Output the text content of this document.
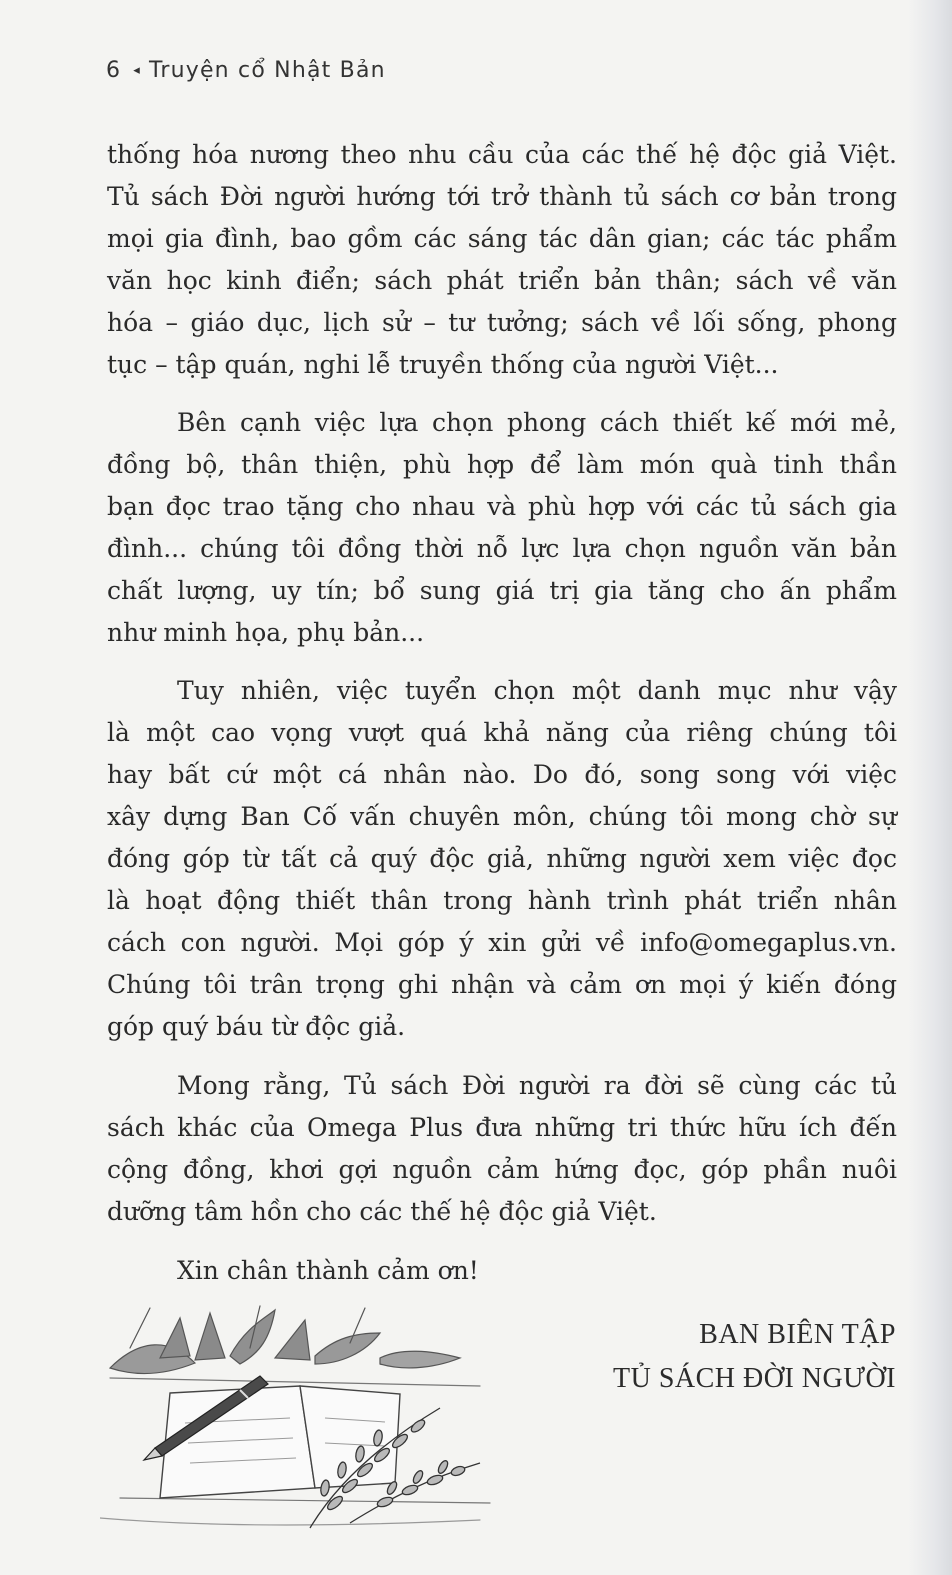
6 ◂ Truyện cổ Nhật Bản
thống hóa nương theo nhu cầu của các thế hệ độc giả Việt.
Tủ sách Đời người hướng tới trở thành tủ sách cơ bản trong
mọi gia đình, bao gồm các sáng tác dân gian; các tác phẩm
văn học kinh điển; sách phát triển bản thân; sách về văn
hóa – giáo dục, lịch sử – tư tưởng; sách về lối sống, phong
tục – tập quán, nghi lễ truyền thống của người Việt...
Bên cạnh việc lựa chọn phong cách thiết kế mới mẻ,
đồng bộ, thân thiện, phù hợp để làm món quà tinh thần
bạn đọc trao tặng cho nhau và phù hợp với các tủ sách gia
đình... chúng tôi đồng thời nỗ lực lựa chọn nguồn văn bản
chất lượng, uy tín; bổ sung giá trị gia tăng cho ấn phẩm
như minh họa, phụ bản...
Tuy nhiên, việc tuyển chọn một danh mục như vậy
là một cao vọng vượt quá khả năng của riêng chúng tôi
hay bất cứ một cá nhân nào. Do đó, song song với việc
xây dựng Ban Cố vấn chuyên môn, chúng tôi mong chờ sự
đóng góp từ tất cả quý độc giả, những người xem việc đọc
là hoạt động thiết thân trong hành trình phát triển nhân
cách con người. Mọi góp ý xin gửi về info@omegaplus.vn.
Chúng tôi trân trọng ghi nhận và cảm ơn mọi ý kiến đóng
góp quý báu từ độc giả.
Mong rằng, Tủ sách Đời người ra đời sẽ cùng các tủ
sách khác của Omega Plus đưa những tri thức hữu ích đến
cộng đồng, khơi gợi nguồn cảm hứng đọc, góp phần nuôi
dưỡng tâm hồn cho các thế hệ độc giả Việt.
Xin chân thành cảm ơn!
BAN BIÊN TẬP
TỦ SÁCH ĐỜI NGƯỜI
